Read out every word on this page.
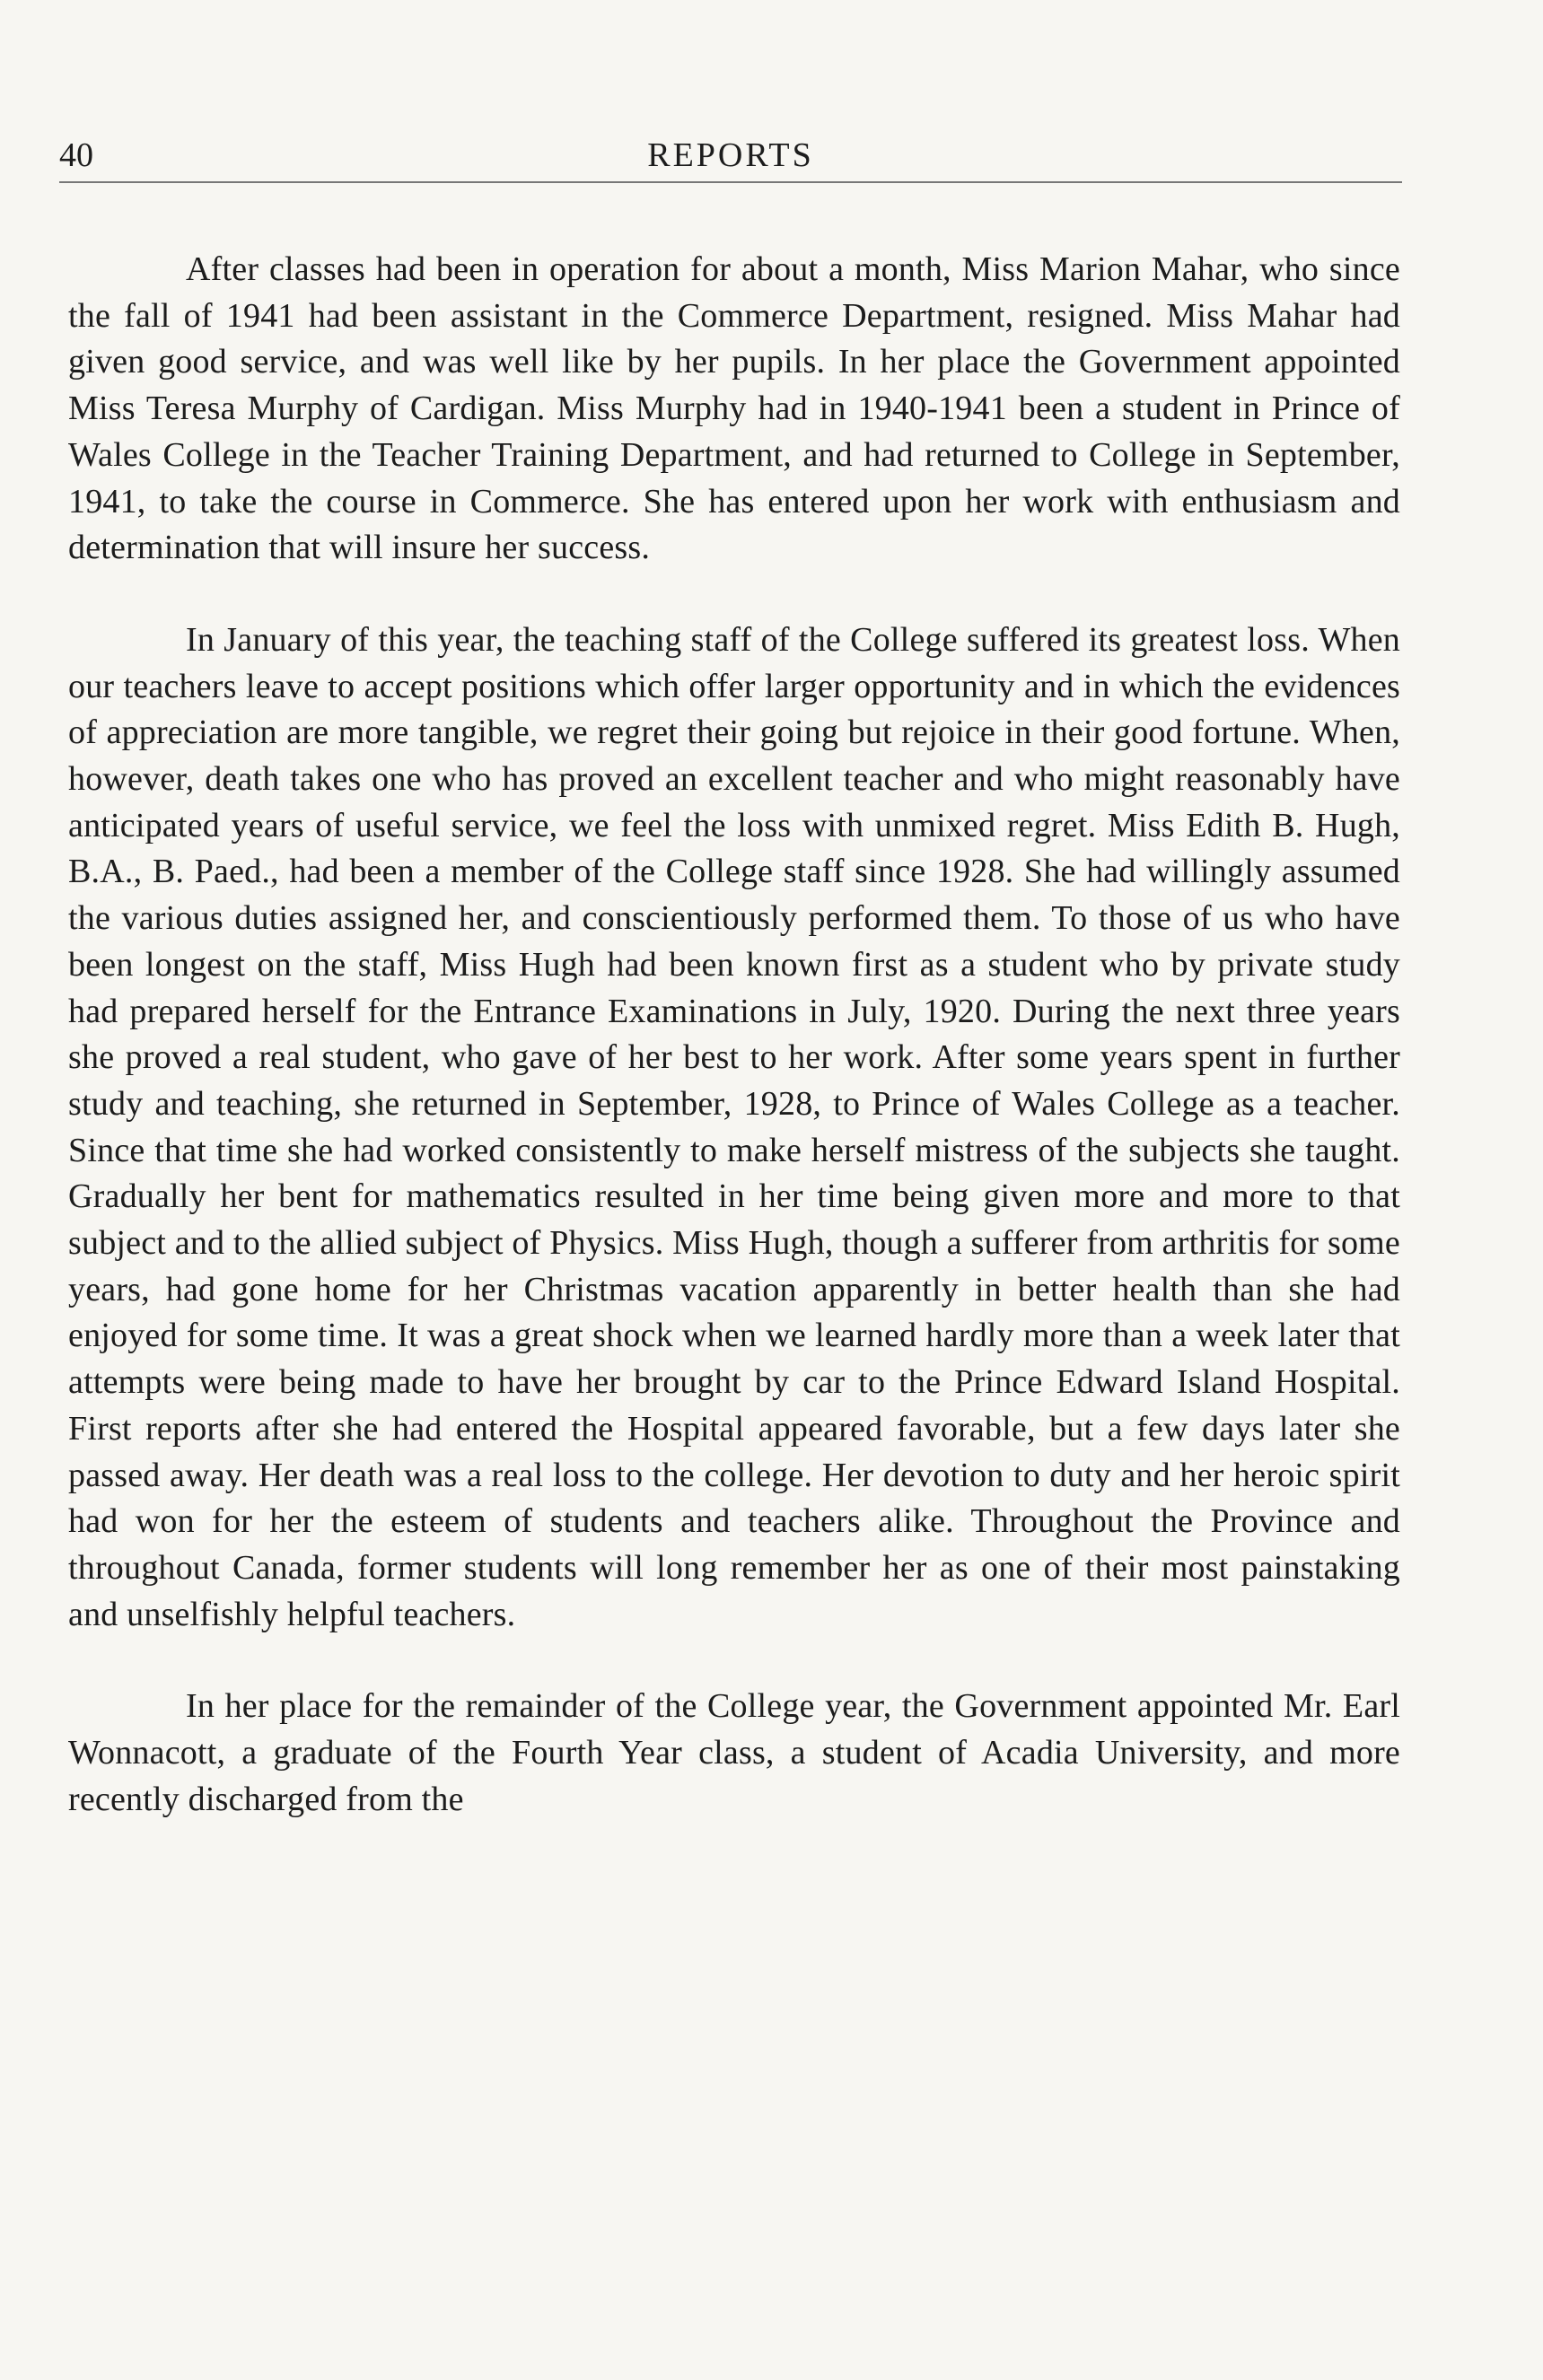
40	REPORTS

After classes had been in operation for about a month, Miss Marion Mahar, who since the fall of 1941 had been assistant in the Commerce Department, resigned. Miss Mahar had given good service, and was well like by her pupils. In her place the Government appointed Miss Teresa Murphy of Cardigan. Miss Murphy had in 1940-1941 been a student in Prince of Wales College in the Teacher Training Department, and had returned to College in September, 1941, to take the course in Commerce. She has entered upon her work with enthusiasm and determination that will insure her success.

In January of this year, the teaching staff of the College suffered its greatest loss. When our teachers leave to accept positions which offer larger opportunity and in which the evidences of appreciation are more tangible, we regret their going but rejoice in their good fortune. When, however, death takes one who has proved an excellent teacher and who might reasonably have anticipated years of useful service, we feel the loss with unmixed regret. Miss Edith B. Hugh, B.A., B. Paed., had been a member of the College staff since 1928. She had willingly assumed the various duties assigned her, and conscientiously performed them. To those of us who have been longest on the staff, Miss Hugh had been known first as a student who by private study had prepared herself for the Entrance Examinations in July, 1920. During the next three years she proved a real student, who gave of her best to her work. After some years spent in further study and teaching, she returned in September, 1928, to Prince of Wales College as a teacher. Since that time she had worked consistently to make herself mistress of the subjects she taught. Gradually her bent for mathematics resulted in her time being given more and more to that subject and to the allied subject of Physics. Miss Hugh, though a sufferer from arthritis for some years, had gone home for her Christmas vacation apparently in better health than she had enjoyed for some time. It was a great shock when we learned hardly more than a week later that attempts were being made to have her brought by car to the Prince Edward Island Hospital. First reports after she had entered the Hospital appeared favorable, but a few days later she passed away. Her death was a real loss to the college. Her devotion to duty and her heroic spirit had won for her the esteem of students and teachers alike. Throughout the Province and throughout Canada, former students will long remember her as one of their most painstaking and unselfishly helpful teachers.

In her place for the remainder of the College year, the Government appointed Mr. Earl Wonnacott, a graduate of the Fourth Year class, a student of Acadia University, and more recently discharged from the
